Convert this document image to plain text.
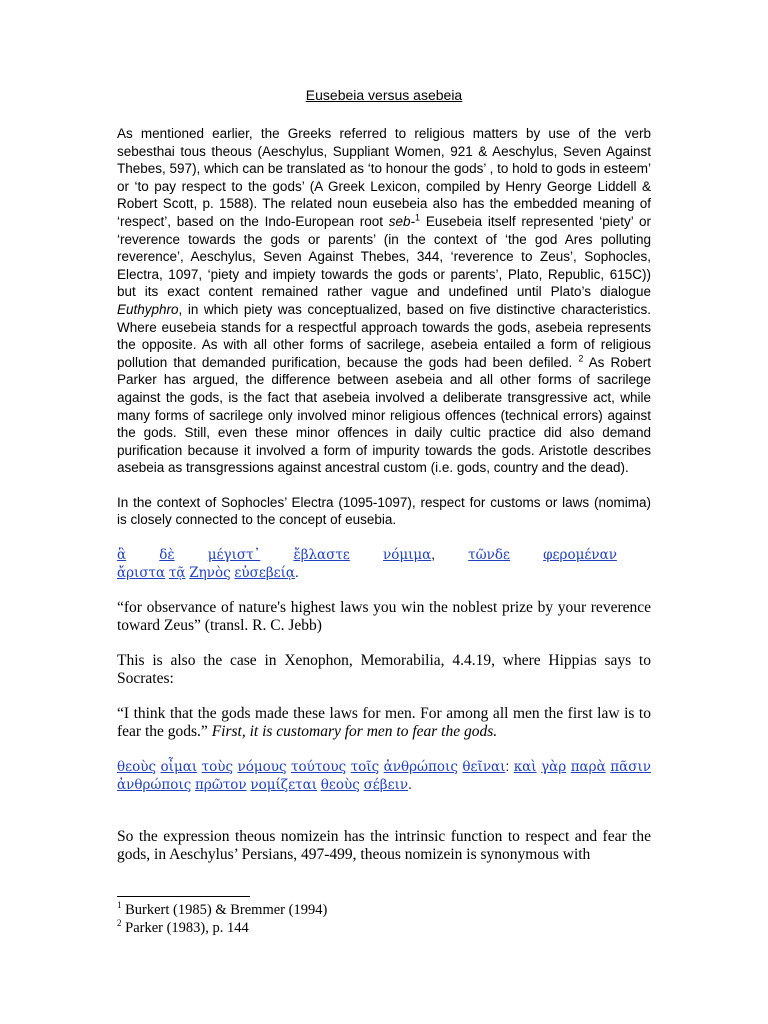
Eusebeia versus asebeia

As mentioned earlier, the Greeks referred to religious matters by use of the verb sebesthai tous theous (Aeschylus, Suppliant Women, 921 & Aeschylus, Seven Against Thebes, 597), which can be translated as ‘to honour the gods’ , to hold to gods in esteem’ or ‘to pay respect to the gods’ (A Greek Lexicon, compiled by Henry George Liddell & Robert Scott, p. 1588). The related noun eusebeia also has the embedded meaning of ‘respect’, based on the Indo-European root seb-$^1$ Eusebeia itself represented ‘piety’ or ‘reverence towards the gods or parents’ (in the context of ‘the god Ares polluting reverence’, Aeschylus, Seven Against Thebes, 344, ‘reverence to Zeus’, Sophocles, Electra, 1097, ‘piety and impiety towards the gods or parents’, Plato, Republic, 615C)) but its exact content remained rather vague and undefined until Plato’s dialogue Euthyphro, in which piety was conceptualized, based on five distinctive characteristics. Where eusebeia stands for a respectful approach towards the gods, asebeia represents the opposite. As with all other forms of sacrilege, asebeia entailed a form of religious pollution that demanded purification, because the gods had been defiled. $^2$ As Robert Parker has argued, the difference between asebeia and all other forms of sacrilege against the gods, is the fact that asebeia involved a deliberate transgressive act, while many forms of sacrilege only involved minor religious offences (technical errors) against the gods. Still, even these minor offences in daily cultic practice did also demand purification because it involved a form of impurity towards the gods. Aristotle describes asebeia as transgressions against ancestral custom (i.e. gods, country and the dead).

In the context of Sophocles’ Electra (1095-1097), respect for customs or laws (nomima) is closely connected to the concept of eusebia.

ἃ δὲ μέγιστ᾽ ἔβλαστε νόμιμα, τῶνδε φερομέναν
ἄριστα τᾷ Ζηνὸς εὐσεβείᾳ.

“for observance of nature's highest laws you win the noblest prize by your reverence toward Zeus” (transl. R. C. Jebb)

This is also the case in Xenophon, Memorabilia, 4.4.19, where Hippias says to Socrates:

“I think that the gods made these laws for men. For among all men the first law is to fear the gods.” First, it is customary for men to fear the gods.

θεοὺς οἶμαι τοὺς νόμους τούτους τοῖς ἀνθρώποις θεῖναι: καὶ γὰρ παρὰ πᾶσιν
ἀνθρώποις πρῶτον νομίζεται θεοὺς σέβειν.

So the expression theous nomizein has the intrinsic function to respect and fear the gods, in Aeschylus’ Persians, 497-499, theous nomizein is synonymous with

$^1$ Burkert (1985) & Bremmer (1994)
$^2$ Parker (1983), p. 144
